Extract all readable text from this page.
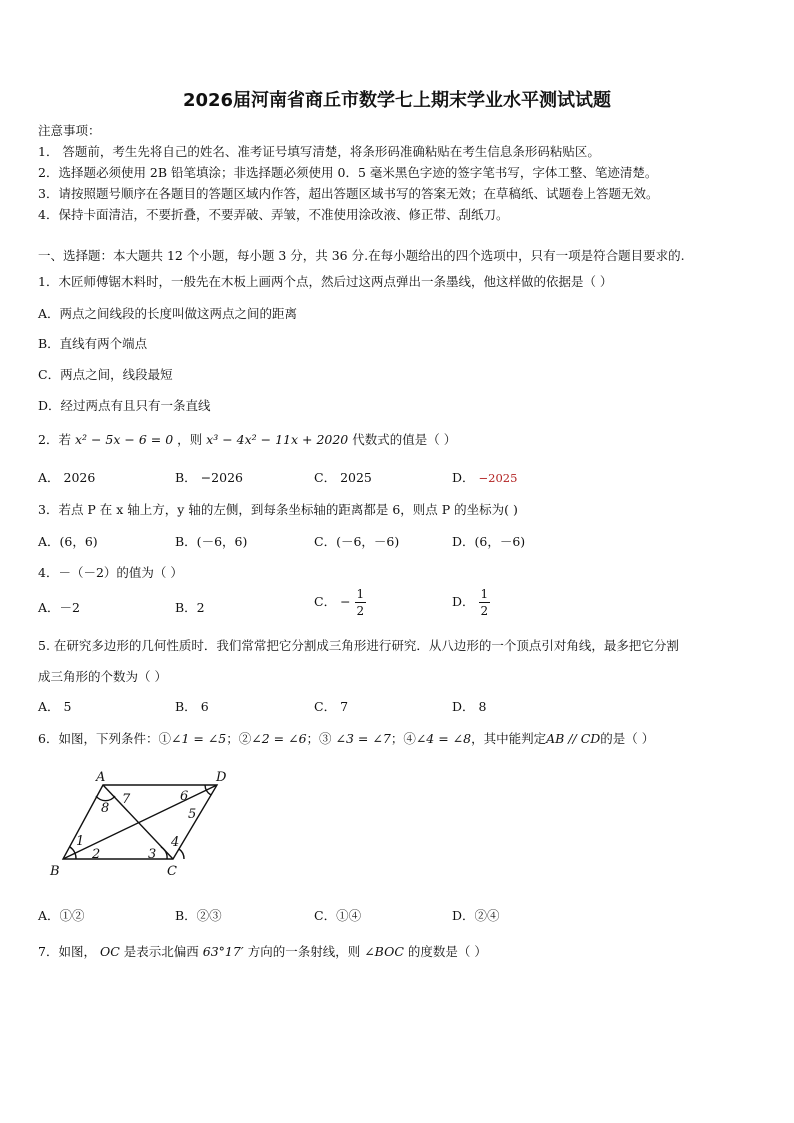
2026届河南省商丘市数学七上期末学业水平测试试题
注意事项：
1． 答题前，考生先将自己的姓名、准考证号填写清楚，将条形码准确粘贴在考生信息条形码粘贴区。
2．选择题必须使用 2B 铅笔填涂；非选择题必须使用 0．5 毫米黑色字迹的签字笔书写，字体工整、笔迹清楚。
3．请按照题号顺序在各题目的答题区域内作答，超出答题区域书写的答案无效；在草稿纸、试题卷上答题无效。
4．保持卡面清洁，不要折叠，不要弄破、弄皱，不准使用涂改液、修正带、刮纸刀。
一、选择题：本大题共 12 个小题，每小题 3 分，共 36 分.在每小题给出的四个选项中，只有一项是符合题目要求的.
1．木匠师傅锯木料时，一般先在木板上画两个点，然后过这两点弹出一条墨线，他这样做的依据是（ ）
A．两点之间线段的长度叫做这两点之间的距离
B．直线有两个端点
C．两点之间，线段最短
D．经过两点有且只有一条直线
2．若 x² − 5x − 6 = 0 ，则 x³ − 4x² − 11x + 2020 代数式的值是（ ）
A． 2026	B． −2026	C． 2025	D． −2025
3．若点 P 在 x 轴上方，y 轴的左侧，到每条坐标轴的距离都是 6，则点 P 的坐标为( )
A．(6，6)	B．(－6，6)	C．(－6，－6)	D．(6，－6)
4．－（－2）的值为（ ）
A．－2	B．2	C． − $\frac{1}{2}$	D． $\frac{1}{2}$
5. 在研究多边形的几何性质时．我们常常把它分割成三角形进行研究．从八边形的一个顶点引对角线，最多把它分割
成三角形的个数为（ ）
A． 5	B． 6	C． 7	D． 8
6．如图，下列条件：①∠1 = ∠5；②∠2 = ∠6；③ ∠3 = ∠7；④∠4 = ∠8，其中能判定AB // CD的是（ ）
A	D
B	C
1
2	3
4
5
6
7
8
A．①②	B．②③	C．①④	D．②④
7．如图， OC 是表示北偏西 63°17′ 方向的一条射线，则 ∠BOC 的度数是（ ）
